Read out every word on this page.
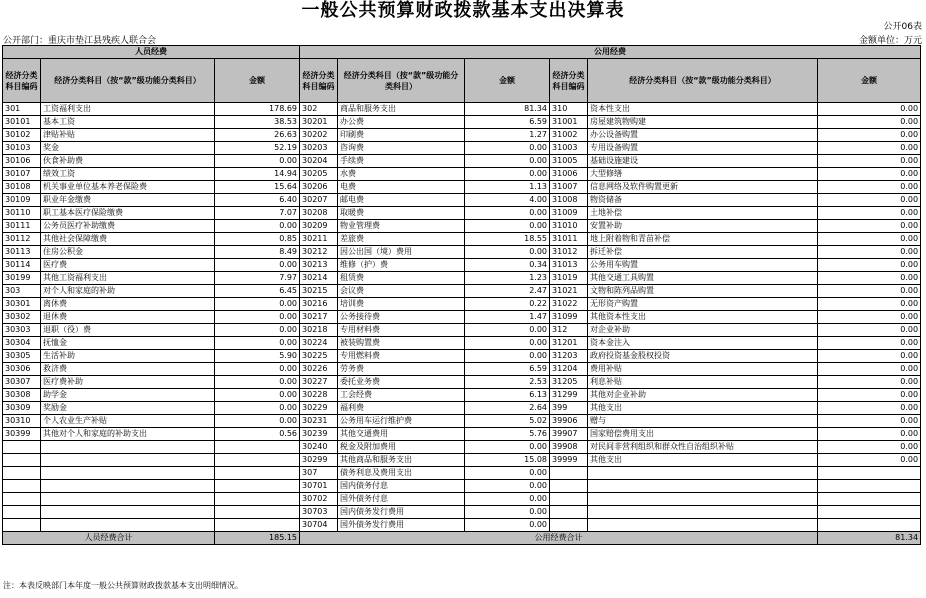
一般公共预算财政拨款基本支出决算表
公开06表
公开部门：重庆市垫江县残疾人联合会	金额单位：万元
人员经费			公用经费					
经济分类科目编码	经济分类科目（按“款”级功能分类科目）	金额	经济分类科目编码	经济分类科目（按“款”级功能分类科目）	金额	经济分类科目编码	经济分类科目（按“款”级功能分类科目）	金额
301	工资福利支出	178.69	302	商品和服务支出	81.34	310	资本性支出	0.00
30101	基本工资	38.53	30201	办公费	6.59	31001	房屋建筑物购建	0.00
30102	津贴补贴	26.63	30202	印刷费	1.27	31002	办公设备购置	0.00
30103	奖金	52.19	30203	咨询费	0.00	31003	专用设备购置	0.00
30106	伙食补助费	0.00	30204	手续费	0.00	31005	基础设施建设	0.00
30107	绩效工资	14.94	30205	水费	0.00	31006	大型修缮	0.00
30108	机关事业单位基本养老保险费	15.64	30206	电费	1.13	31007	信息网络及软件购置更新	0.00
30109	职业年金缴费	6.40	30207	邮电费	4.00	31008	物资储备	0.00
30110	职工基本医疗保险缴费	7.07	30208	取暖费	0.00	31009	土地补偿	0.00
30111	公务员医疗补助缴费	0.00	30209	物业管理费	0.00	31010	安置补助	0.00
30112	其他社会保障缴费	0.85	30211	差旅费	18.55	31011	地上附着物和青苗补偿	0.00
30113	住房公积金	8.49	30212	因公出国（境）费用	0.00	31012	拆迁补偿	0.00
30114	医疗费	0.00	30213	维修（护）费	0.34	31013	公务用车购置	0.00
30199	其他工资福利支出	7.97	30214	租赁费	1.23	31019	其他交通工具购置	0.00
303	对个人和家庭的补助	6.45	30215	会议费	2.47	31021	文物和陈列品购置	0.00
30301	离休费	0.00	30216	培训费	0.22	31022	无形资产购置	0.00
30302	退休费	0.00	30217	公务接待费	1.47	31099	其他资本性支出	0.00
30303	退职（役）费	0.00	30218	专用材料费	0.00	312	对企业补助	0.00
30304	抚恤金	0.00	30224	被装购置费	0.00	31201	资本金注入	0.00
30305	生活补助	5.90	30225	专用燃料费	0.00	31203	政府投资基金股权投资	0.00
30306	救济费	0.00	30226	劳务费	6.59	31204	费用补贴	0.00
30307	医疗费补助	0.00	30227	委托业务费	2.53	31205	利息补贴	0.00
30308	助学金	0.00	30228	工会经费	6.13	31299	其他对企业补助	0.00
30309	奖励金	0.00	30229	福利费	2.64	399	其他支出	0.00
30310	个人农业生产补贴	0.00	30231	公务用车运行维护费	5.02	39906	赠与	0.00
30399	其他对个人和家庭的补助支出	0.56	30239	其他交通费用	5.76	39907	国家赔偿费用支出	0.00
			30240	税金及附加费用	0.00	39908	对民间非营利组织和群众性自治组织补贴	0.00
			30299	其他商品和服务支出	15.08	39999	其他支出	0.00
			307	债务利息及费用支出	0.00			
			30701	国内债务付息	0.00			
			30702	国外债务付息	0.00			
			30703	国内债务发行费用	0.00			
			30704	国外债务发行费用	0.00			
人员经费合计		185.15	公用经费合计					81.34
注：本表反映部门本年度一般公共预算财政拨款基本支出明细情况。
